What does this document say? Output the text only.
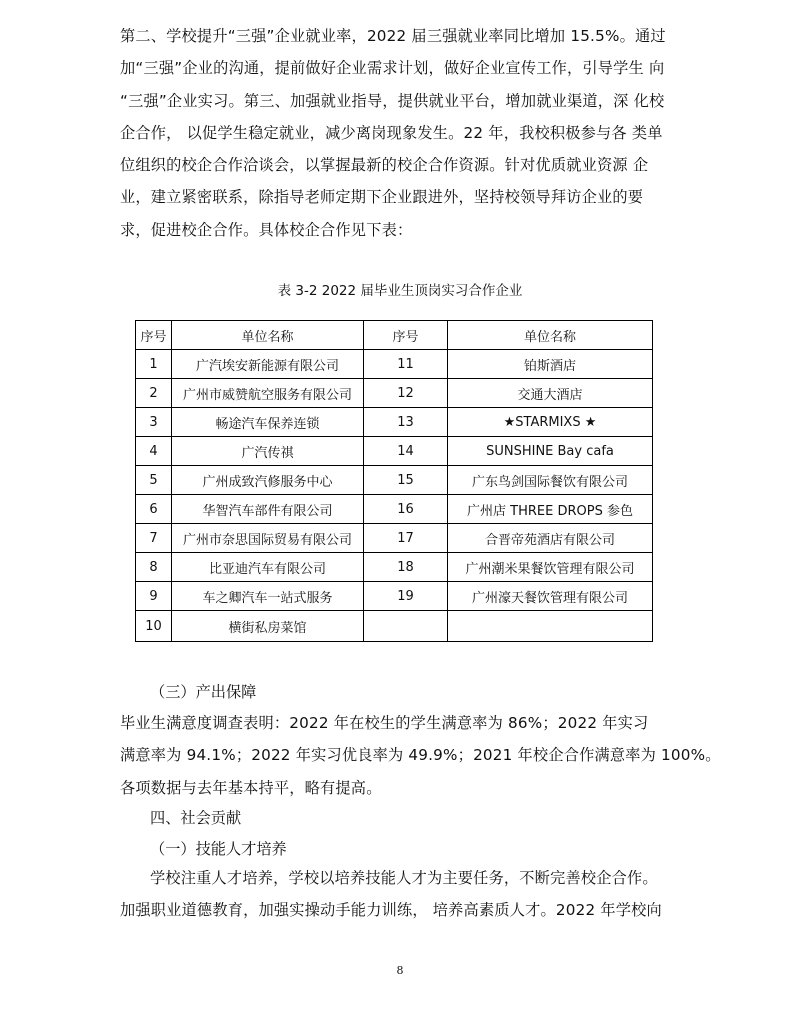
第二、学校提升“三强”企业就业率，2022 届三强就业率同比增加 15.5%。通过
加“三强”企业的沟通，提前做好企业需求计划，做好企业宣传工作，引导学生 向
“三强”企业实习。第三、加强就业指导，提供就业平台，增加就业渠道，深 化校
企合作， 以促学生稳定就业，减少离岗现象发生。22 年，我校积极参与各 类单
位组织的校企合作洽谈会，以掌握最新的校企合作资源。针对优质就业资源 企
业，建立紧密联系，除指导老师定期下企业跟进外，坚持校领导拜访企业的要
求，促进校企合作。具体校企合作见下表：
表 3-2 2022 届毕业生顶岗实习合作企业
序号	单位名称	序号	单位名称
1	广汽埃安新能源有限公司	11	铂斯酒店
2	广州市威赞航空服务有限公司	12	交通大酒店
3	畅途汽车保养连锁	13	★STARMIXS ★
4	广汽传祺	14	SUNSHINE Bay cafa
5	广州成致汽修服务中心	15	广东鸟剑国际餐饮有限公司
6	华智汽车部件有限公司	16	广州店 THREE DROPS 参色
7	广州市奈思国际贸易有限公司	17	合晋帝苑酒店有限公司
8	比亚迪汽车有限公司	18	广州潮米果餐饮管理有限公司
9	车之卿汽车一站式服务	19	广州濠天餐饮管理有限公司
10	横街私房菜馆		
（三）产出保障
毕业生满意度调查表明：2022 年在校生的学生满意率为 86%；2022 年实习
满意率为 94.1%；2022 年实习优良率为 49.9%；2021 年校企合作满意率为 100%。
各项数据与去年基本持平，略有提高。
四、社会贡献
（一）技能人才培养
学校注重人才培养，学校以培养技能人才为主要任务，不断完善校企合作。
加强职业道德教育，加强实操动手能力训练， 培养高素质人才。2022 年学校向
8
